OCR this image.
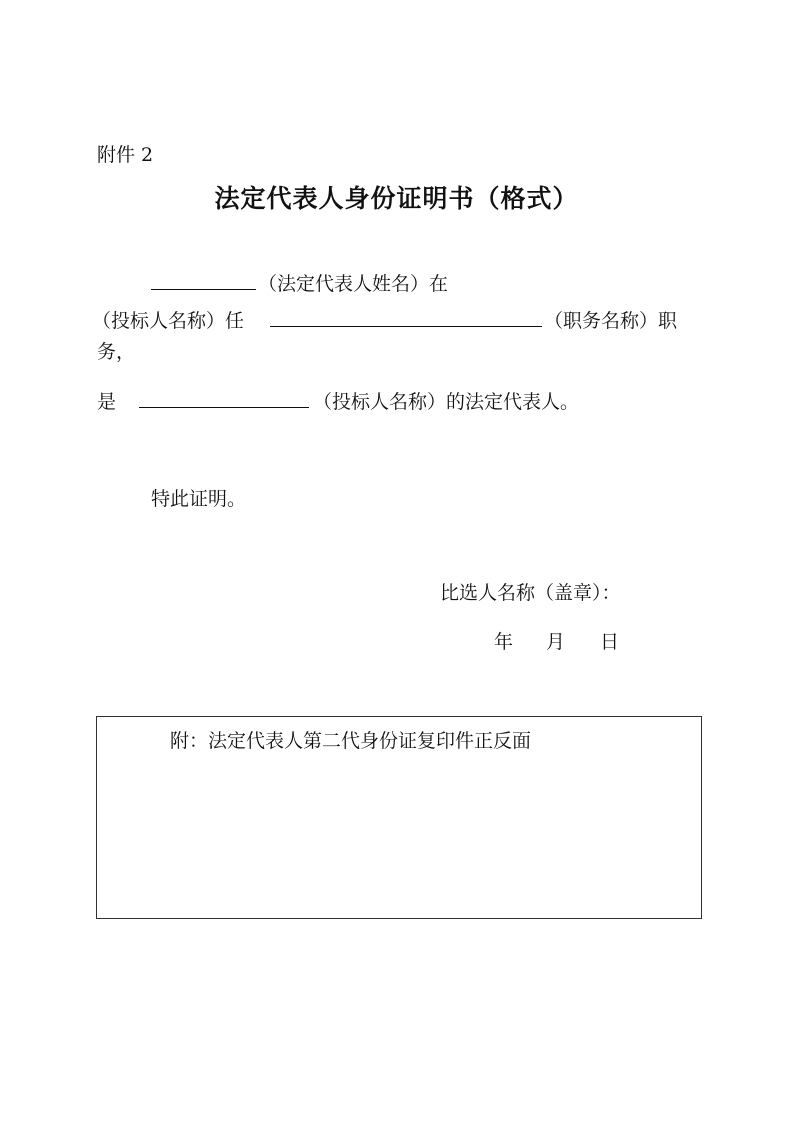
附件 2
法定代表人身份证明书（格式）
（法定代表人姓名）在
（投标人名称）任	（职务名称）职
务，
是	（投标人名称）的法定代表人。
特此证明。
比选人名称（盖章）：
年 月 日
附：法定代表人第二代身份证复印件正反面
